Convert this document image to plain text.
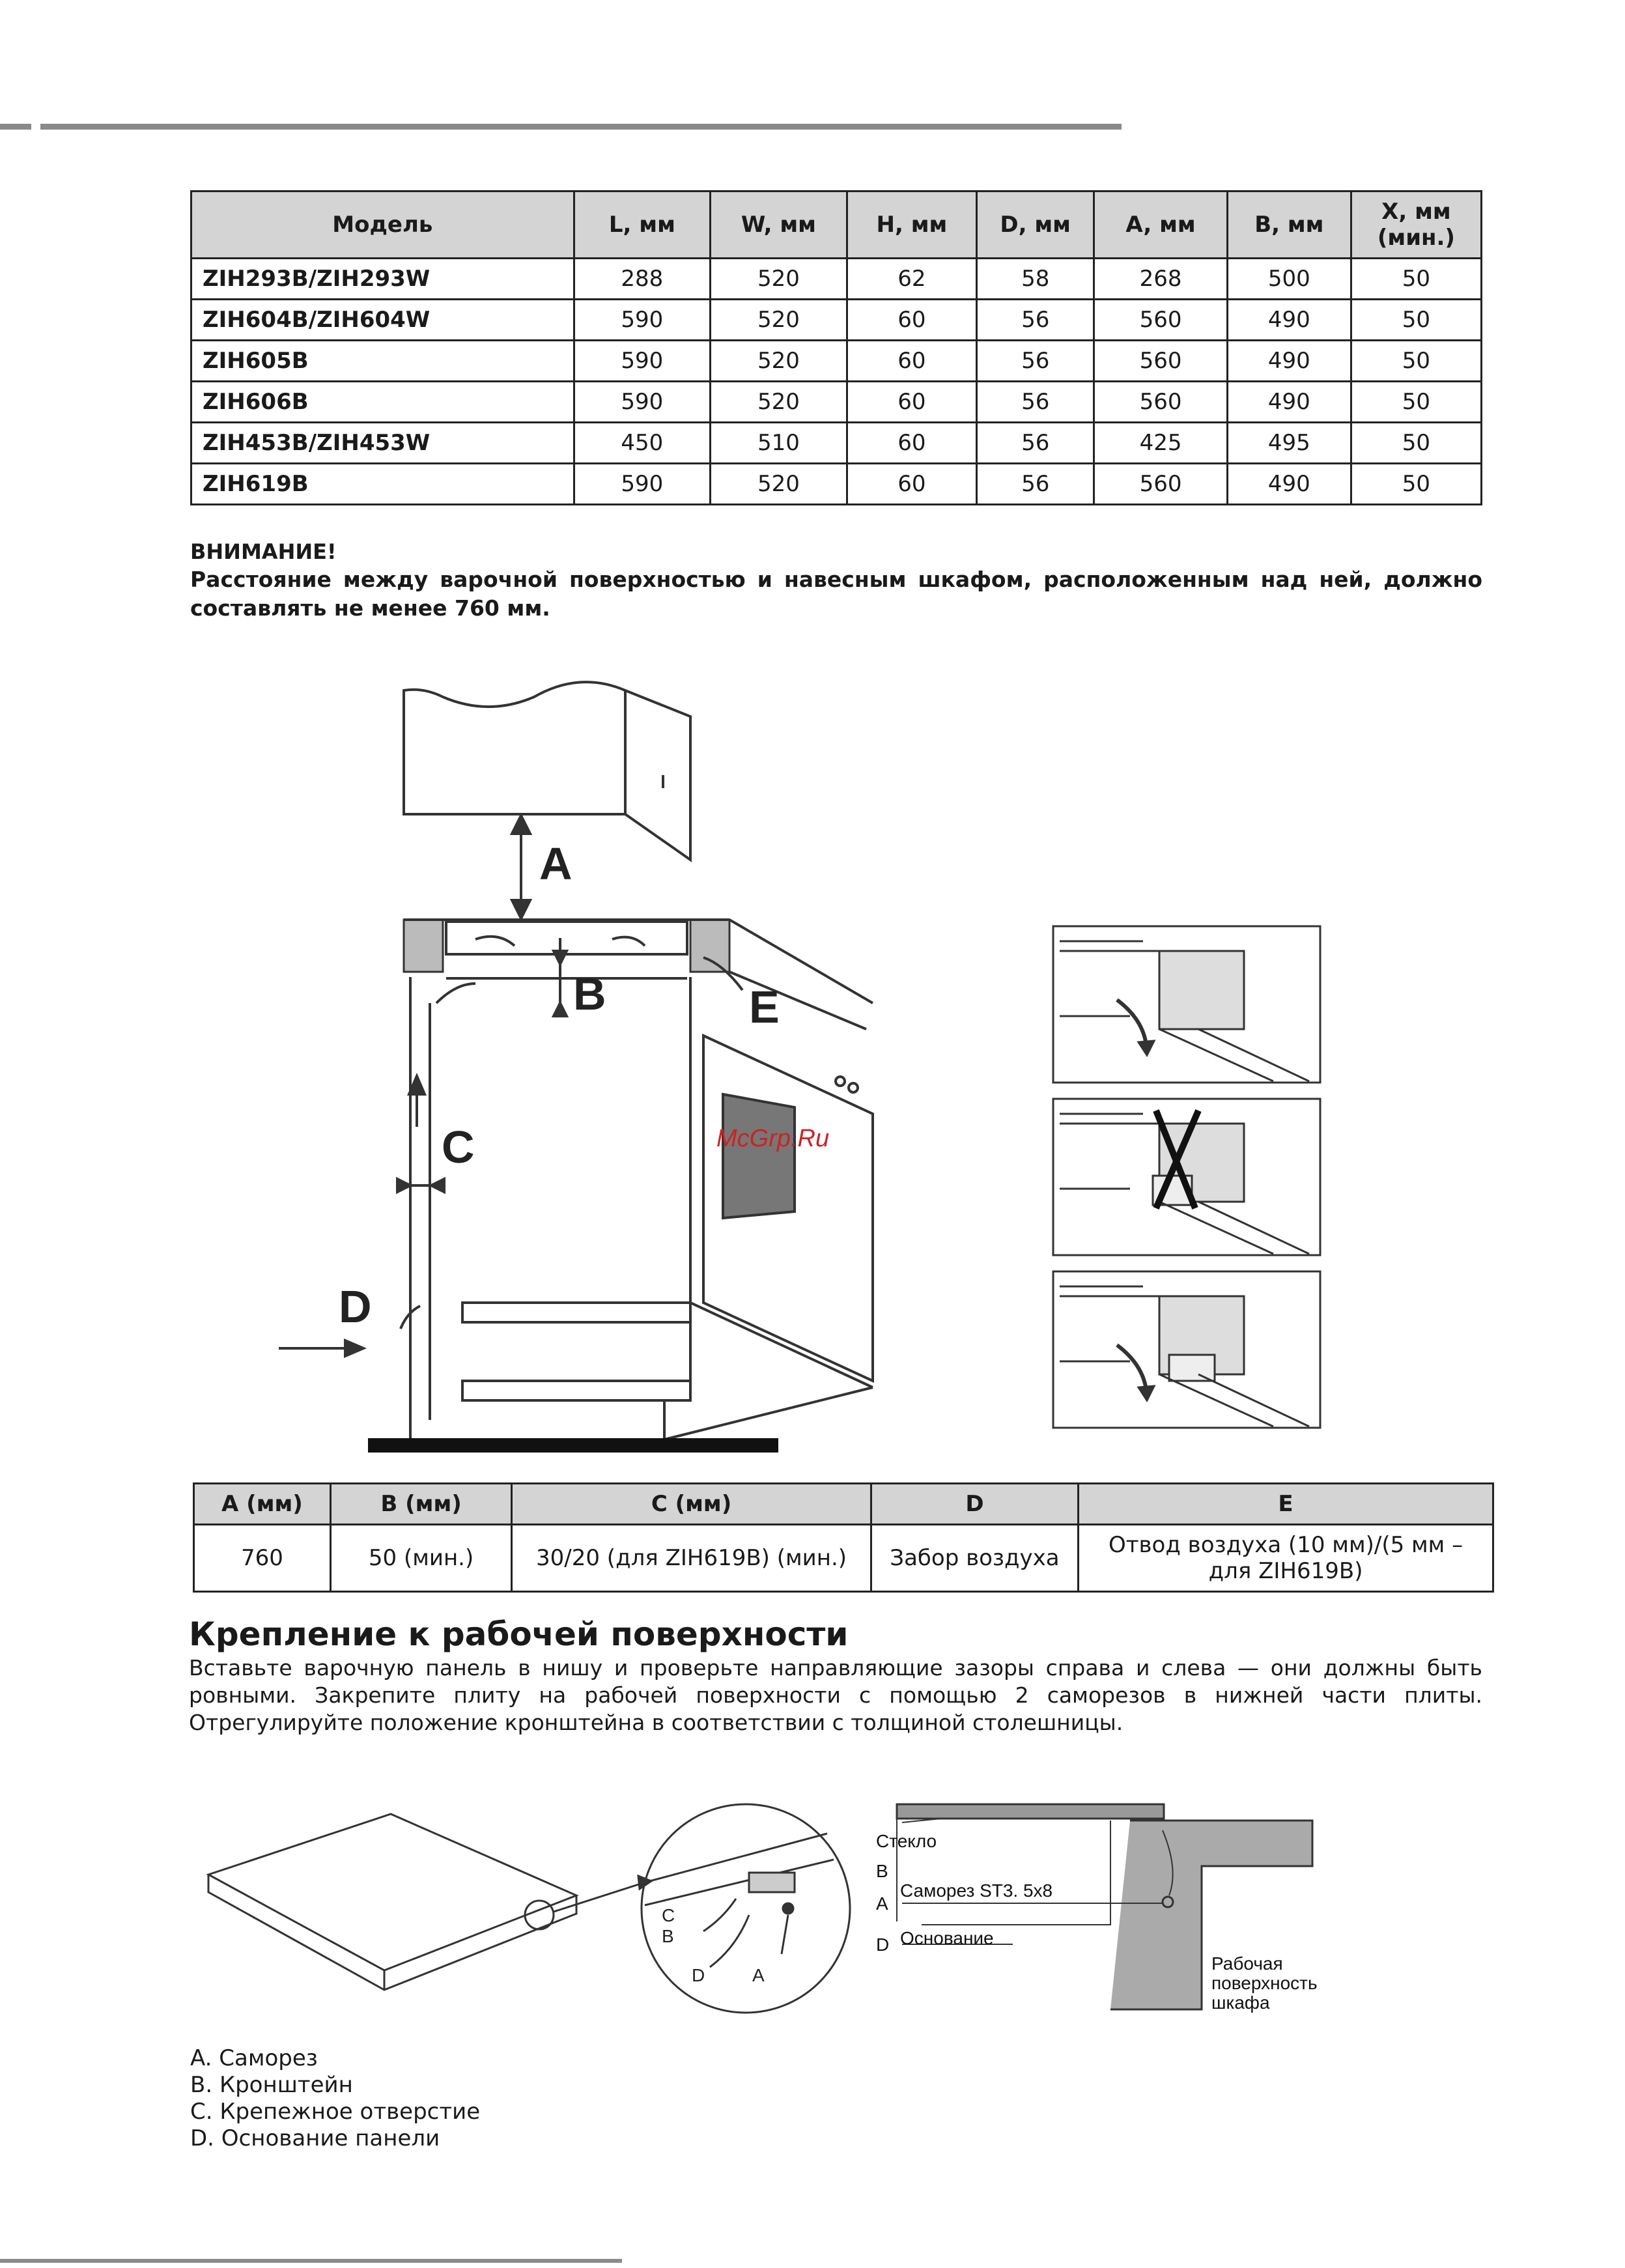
Модель	L, мм	W, мм	H, мм	D, мм	A, мм	B, мм	X, мм (мин.)
ZIH293B/ZIH293W	288	520	62	58	268	500	50
ZIH604B/ZIH604W	590	520	60	56	560	490	50
ZIH605B	590	520	60	56	560	490	50
ZIH606B	590	520	60	56	560	490	50
ZIH453B/ZIH453W	450	510	60	56	425	495	50
ZIH619B	590	520	60	56	560	490	50
ВНИМАНИЕ!
Расстояние между варочной поверхностью и навесным шкафом, расположенным над ней, должно составлять не менее 760 мм.
A
B	E
McGrp.Ru
C
D
A (мм)	B (мм)	C (мм)	D	E
760	50 (мин.)	30/20 (для ZIH619B) (мин.)	Забор воздуха	Отвод воздуха (10 мм)/(5 мм – для ZIH619B)
Крепление к рабочей поверхности
Вставьте варочную панель в нишу и проверьте направляющие зазоры справа и слева — они должны быть ровными. Закрепите плиту на рабочей поверхности с помощью 2 саморезов в нижней части плиты. Отрегулируйте положение кронштейна в соответствии с толщиной столешницы.
C
B
D	A
Стекло
B
Саморез ST3. 5x8
A
D Основание
Рабочая поверхность шкафа
A. Саморез
B. Кронштейн
C. Крепежное отверстие
D. Основание панели
